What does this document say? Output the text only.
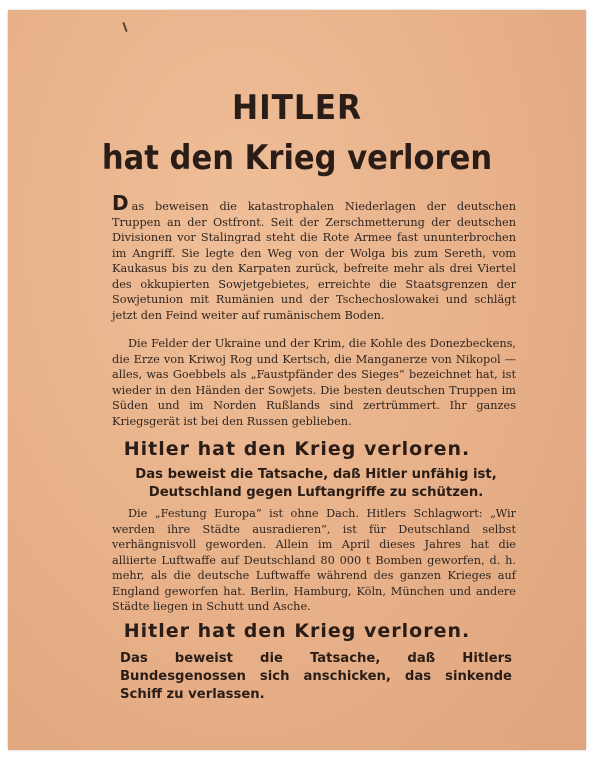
HITLER
hat den Krieg verloren
Das beweisen die katastrophalen Niederlagen der deutschen Truppen an der Ostfront. Seit der Zerschmetterung der deutschen Divisionen vor Stalingrad steht die Rote Armee fast ununterbrochen im Angriff. Sie legte den Weg von der Wolga bis zum Sereth, vom Kaukasus bis zu den Karpaten zurück, befreite mehr als drei Viertel des okkupierten Sowjetgebietes, erreichte die Staatsgrenzen der Sowjetunion mit Rumänien und der Tschechoslowakei und schlägt jetzt den Feind weiter auf rumänischem Boden.
Die Felder der Ukraine und der Krim, die Kohle des Donezbeckens, die Erze von Kriwoj Rog und Kertsch, die Manganerze von Nikopol — alles, was Goebbels als „Faustpfänder des Sieges“ bezeichnet hat, ist wieder in den Händen der Sowjets. Die besten deutschen Truppen im Süden und im Norden Rußlands sind zertrümmert. Ihr ganzes Kriegsgerät ist bei den Russen geblieben.
Hitler hat den Krieg verloren.
Das beweist die Tatsache, daß Hitler unfähig ist, Deutschland gegen Luftangriffe zu schützen.
Die „Festung Europa“ ist ohne Dach. Hitlers Schlagwort: „Wir werden ihre Städte ausradieren“, ist für Deutschland selbst verhängnisvoll geworden. Allein im April dieses Jahres hat die alliierte Luftwaffe auf Deutschland 80 000 t Bomben geworfen, d. h. mehr, als die deutsche Luftwaffe während des ganzen Krieges auf England geworfen hat. Berlin, Hamburg, Köln, München und andere Städte liegen in Schutt und Asche.
Hitler hat den Krieg verloren.
Das beweist die Tatsache, daß Hitlers Bundesgenossen sich anschicken, das sinkende Schiff zu verlassen.
